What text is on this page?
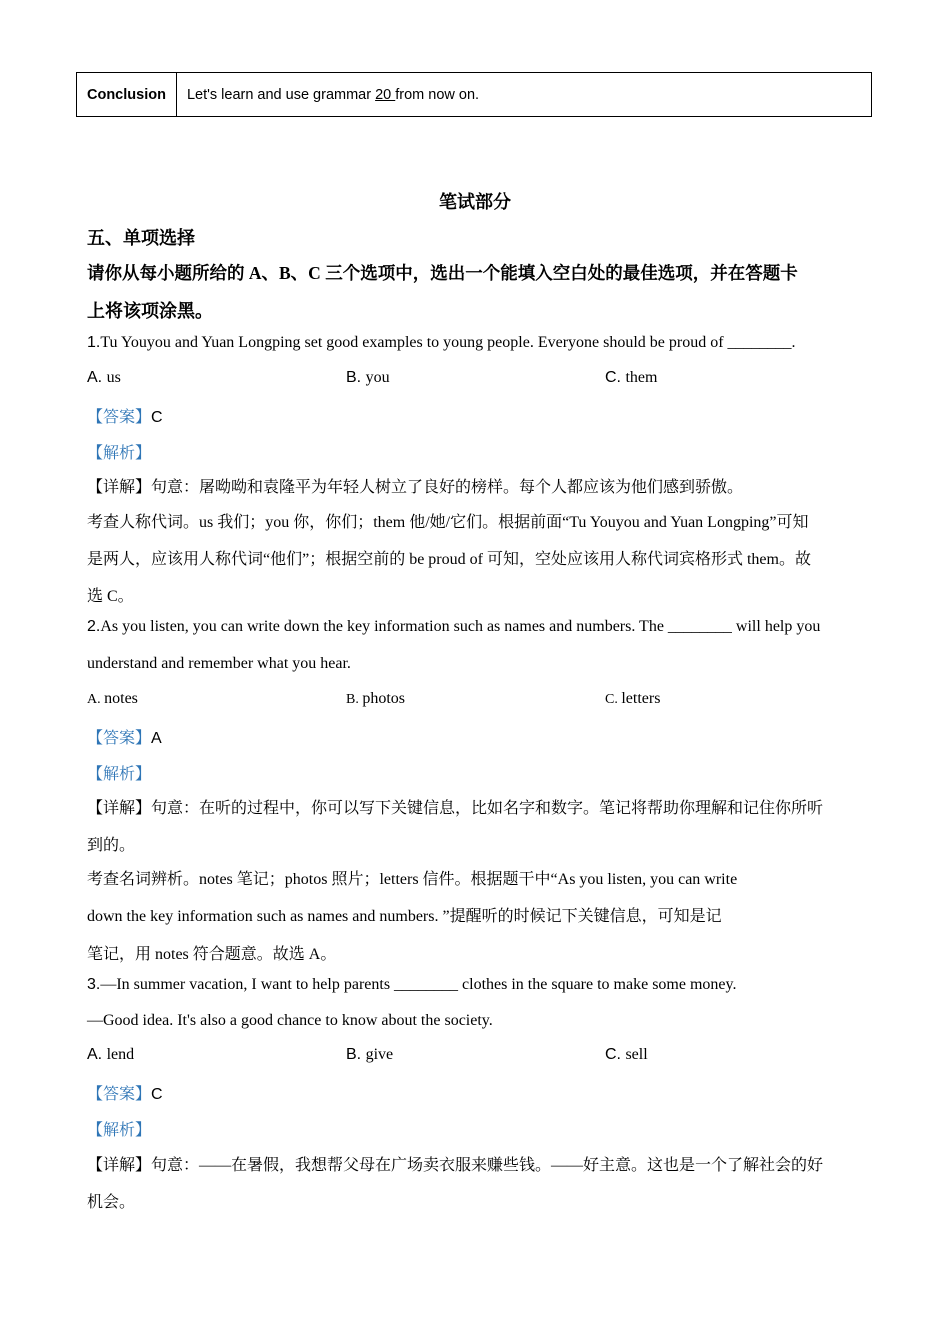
Conclusion	Let's learn and use grammar 20 from now on.
笔试部分
五、单项选择
请你从每小题所给的 A、B、C 三个选项中，选出一个能填入空白处的最佳选项，并在答题卡
上将该项涂黑。
1.Tu Youyou and Yuan Longping set good examples to young people. Everyone should be proud of ________.
A. us	B. you	C. them
【答案】C
【解析】
【详解】句意：屠呦呦和袁隆平为年轻人树立了良好的榜样。每个人都应该为他们感到骄傲。
考查人称代词。us 我们；you 你，你们；them 他/她/它们。根据前面“Tu Youyou and Yuan Longping”可知
是两人，应该用人称代词“他们”；根据空前的 be proud of 可知，空处应该用人称代词宾格形式 them。故
选 C。
2.As you listen, you can write down the key information such as names and numbers. The ________ will help you
understand and remember what you hear.
A. notes	B. photos	C. letters
【答案】A
【解析】
【详解】句意：在听的过程中，你可以写下关键信息，比如名字和数字。笔记将帮助你理解和记住你所听
到的。
考查名词辨析。notes 笔记；photos 照片；letters 信件。根据题干中“As you listen, you can write
down the key information such as names and numbers. ”提醒听的时候记下关键信息，可知是记
笔记，用 notes 符合题意。故选 A。
3.—In summer vacation, I want to help parents ________ clothes in the square to make some money.
—Good idea. It's also a good chance to know about the society.
A. lend	B. give	C. sell
【答案】C
【解析】
【详解】句意：——在暑假，我想帮父母在广场卖衣服来赚些钱。——好主意。这也是一个了解社会的好
机会。
